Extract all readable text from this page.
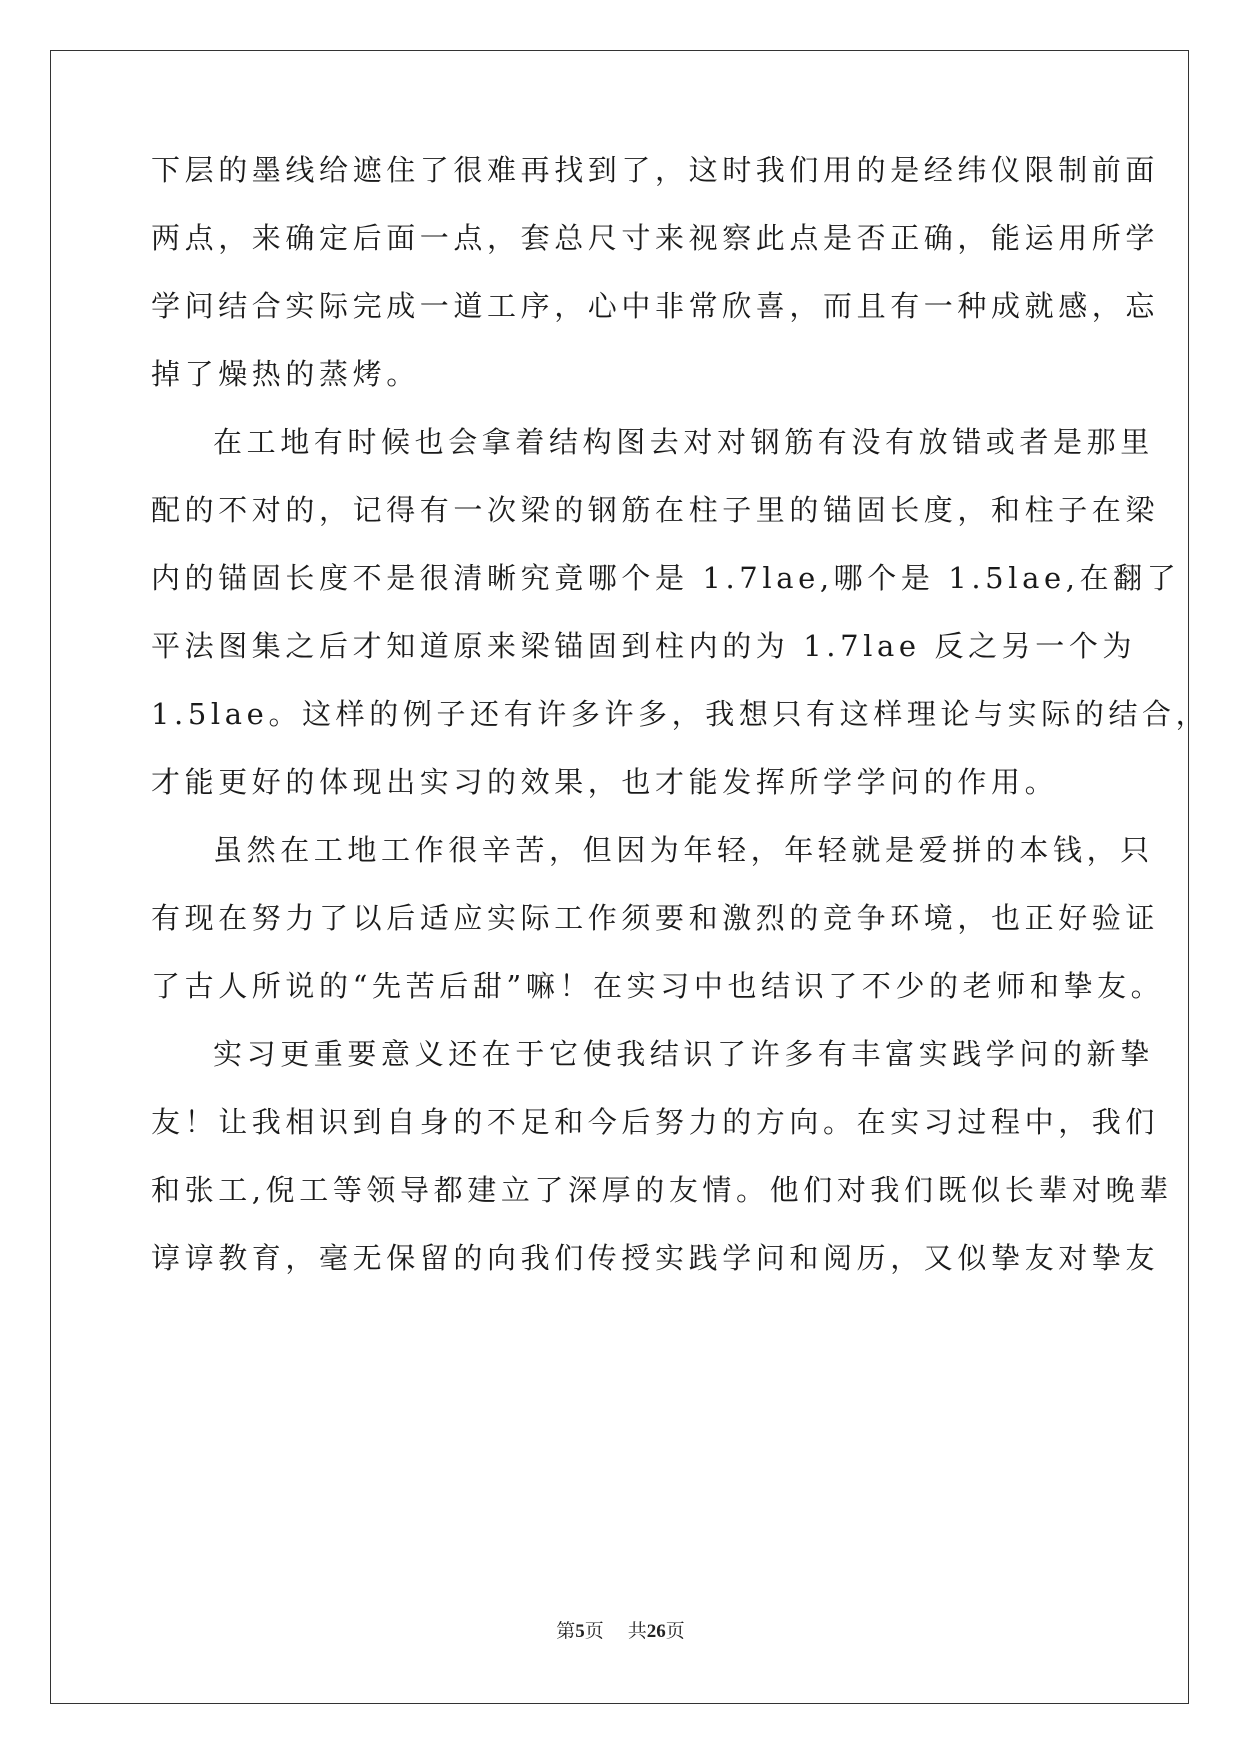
下层的墨线给遮住了很难再找到了，这时我们用的是经纬仪限制前面
两点，来确定后面一点，套总尺寸来视察此点是否正确，能运用所学
学问结合实际完成一道工序，心中非常欣喜，而且有一种成就感，忘
掉了燥热的蒸烤。
在工地有时候也会拿着结构图去对对钢筋有没有放错或者是那里
配的不对的，记得有一次梁的钢筋在柱子里的锚固长度，和柱子在梁
内的锚固长度不是很清晰究竟哪个是 1.7lae,哪个是 1.5lae,在翻了
平法图集之后才知道原来梁锚固到柱内的为 1.7lae 反之另一个为
1.5lae。这样的例子还有许多许多，我想只有这样理论与实际的结合，
才能更好的体现出实习的效果，也才能发挥所学学问的作用。
虽然在工地工作很辛苦，但因为年轻，年轻就是爱拼的本钱，只
有现在努力了以后适应实际工作须要和激烈的竞争环境，也正好验证
了古人所说的“先苦后甜”嘛！在实习中也结识了不少的老师和挚友。
实习更重要意义还在于它使我结识了许多有丰富实践学问的新挚
友！让我相识到自身的不足和今后努力的方向。在实习过程中，我们
和张工,倪工等领导都建立了深厚的友情。他们对我们既似长辈对晚辈
谆谆教育，毫无保留的向我们传授实践学问和阅历，又似挚友对挚友
第5页 共26页
